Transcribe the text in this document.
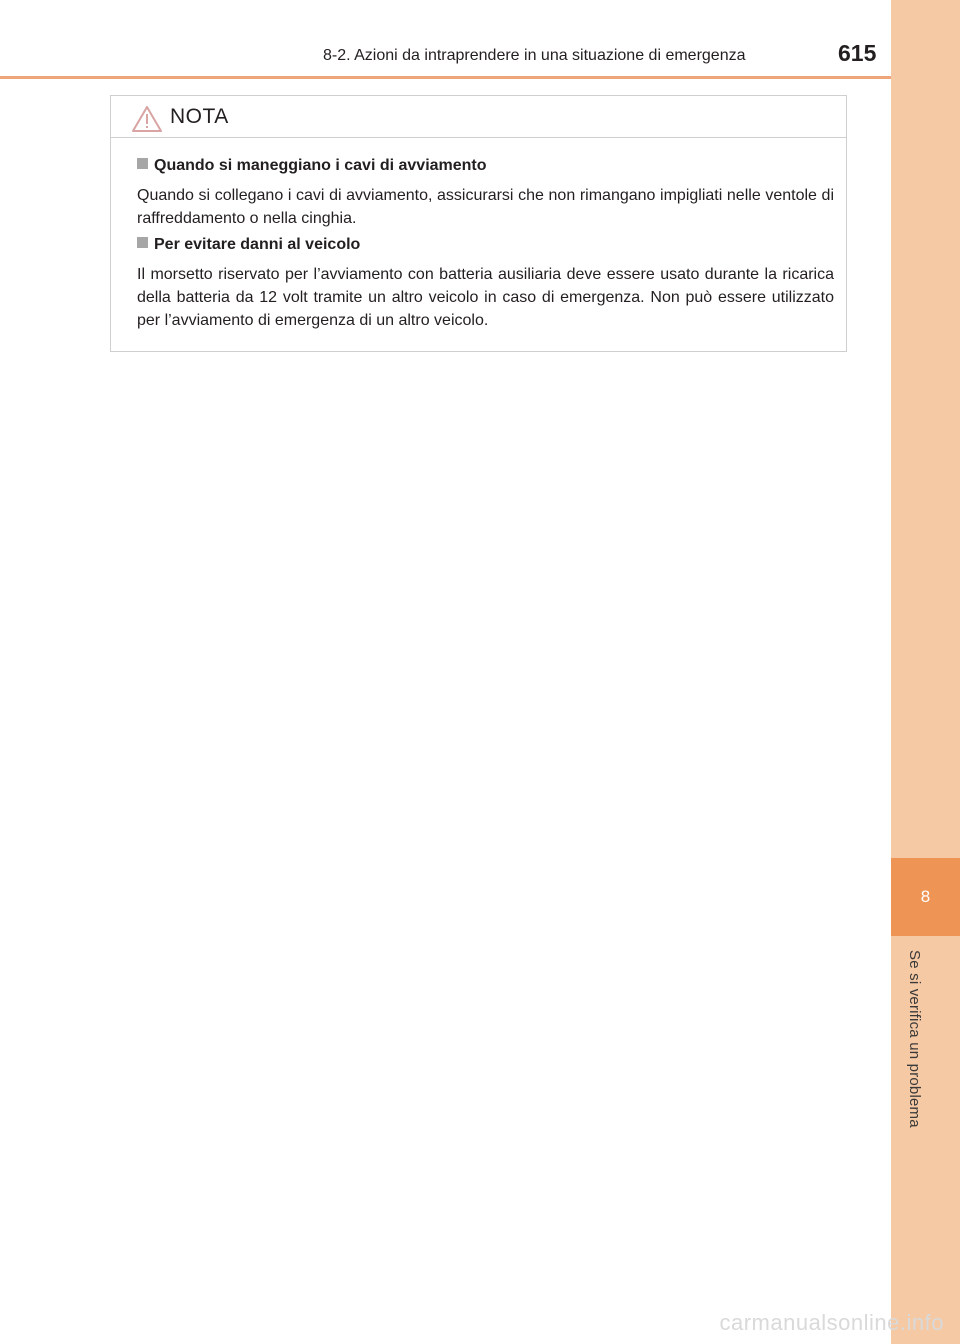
8
Se si verifica un problema
8-2. Azioni da intraprendere in una situazione di emergenza	615
NOTA
Quando si maneggiano i cavi di avviamento
Quando si collegano i cavi di avviamento, assicurarsi che non rimangano impigliati nelle ventole di raffreddamento o nella cinghia.
Per evitare danni al veicolo
Il morsetto riservato per l’avviamento con batteria ausiliaria deve essere usato durante la ricarica della batteria da 12 volt tramite un altro veicolo in caso di emergenza. Non può essere utilizzato per l’avviamento di emergenza di un altro veicolo.
carmanualsonline.info
